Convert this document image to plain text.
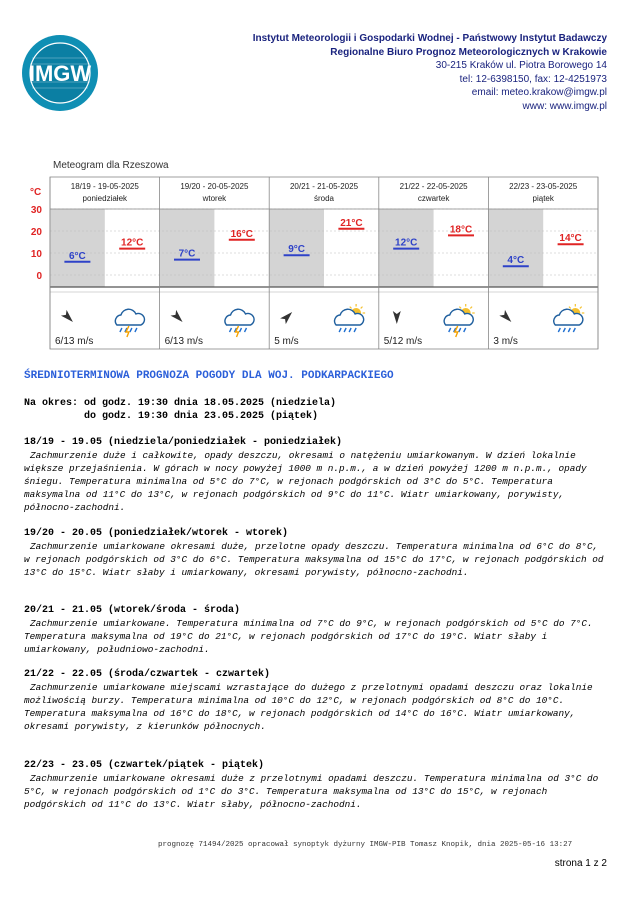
IMGW
Instytut Meteorologii i Gospodarki Wodnej - Państwowy Instytut Badawczy
Regionalne Biuro Prognoz Meteorologicznych w Krakowie
30-215 Kraków ul. Piotra Borowego 14
tel: 12-6398150, fax: 12-4251973
email: meteo.krakow@imgw.pl
www: www.imgw.pl
Meteogram dla Rzeszowa
°C
30
20
10
0
18/19 - 19-05-2025
poniedziałek
6°C
12°C
6/13 m/s
19/20 - 20-05-2025
wtorek
7°C
16°C
6/13 m/s
20/21 - 21-05-2025
środa
9°C
21°C
5 m/s
21/22 - 22-05-2025
czwartek
12°C
18°C
5/12 m/s
22/23 - 23-05-2025
piątek
4°C
14°C
3 m/s
ŚREDNIOTERMINOWA PROGNOZA POGODY DLA WOJ. PODKARPACKIEGO
Na okres: od godz. 19:30 dnia 18.05.2025 (niedziela)
do godz. 19:30 dnia 23.05.2025 (piątek)
18/19 - 19.05 (niedziela/poniedziałek - poniedziałek)
Zachmurzenie duże i całkowite, opady deszczu, okresami o natężeniu umiarkowanym. W dzień lokalnie większe przejaśnienia. W górach w nocy powyżej 1000 m n.p.m., a w dzień powyżej 1200 m n.p.m., opady śniegu. Temperatura minimalna od 5°C do 7°C, w rejonach podgórskich od 3°C do 5°C. Temperatura maksymalna od 11°C do 13°C, w rejonach podgórskich od 9°C do 11°C. Wiatr umiarkowany, porywisty, północno-zachodni.
19/20 - 20.05 (poniedziałek/wtorek - wtorek)
Zachmurzenie umiarkowane okresami duże, przelotne opady deszczu. Temperatura minimalna od 6°C do 8°C, w rejonach podgórskich od 3°C do 6°C. Temperatura maksymalna od 15°C do 17°C, w rejonach podgórskich od 13°C do 15°C. Wiatr słaby i umiarkowany, okresami porywisty, północno-zachodni.
20/21 - 21.05 (wtorek/środa - środa)
Zachmurzenie umiarkowane. Temperatura minimalna od 7°C do 9°C, w rejonach podgórskich od 5°C do 7°C. Temperatura maksymalna od 19°C do 21°C, w rejonach podgórskich od 17°C do 19°C. Wiatr słaby i umiarkowany, południowo-zachodni.
21/22 - 22.05 (środa/czwartek - czwartek)
Zachmurzenie umiarkowane miejscami wzrastające do dużego z przelotnymi opadami deszczu oraz lokalnie możliwością burzy. Temperatura minimalna od 10°C do 12°C, w rejonach podgórskich od 8°C do 10°C. Temperatura maksymalna od 16°C do 18°C, w rejonach podgórskich od 14°C do 16°C. Wiatr umiarkowany, okresami porywisty, z kierunków północnych.
22/23 - 23.05 (czwartek/piątek - piątek)
Zachmurzenie umiarkowane okresami duże z przelotnymi opadami deszczu. Temperatura minimalna od 3°C do 5°C, w rejonach podgórskich od 1°C do 3°C. Temperatura maksymalna od 13°C do 15°C, w rejonach podgórskich od 11°C do 13°C. Wiatr słaby, północno-zachodni.
prognozę 71494/2025 opracował synoptyk dyżurny IMGW-PIB Tomasz Knopik, dnia 2025-05-16 13:27
strona 1 z 2
